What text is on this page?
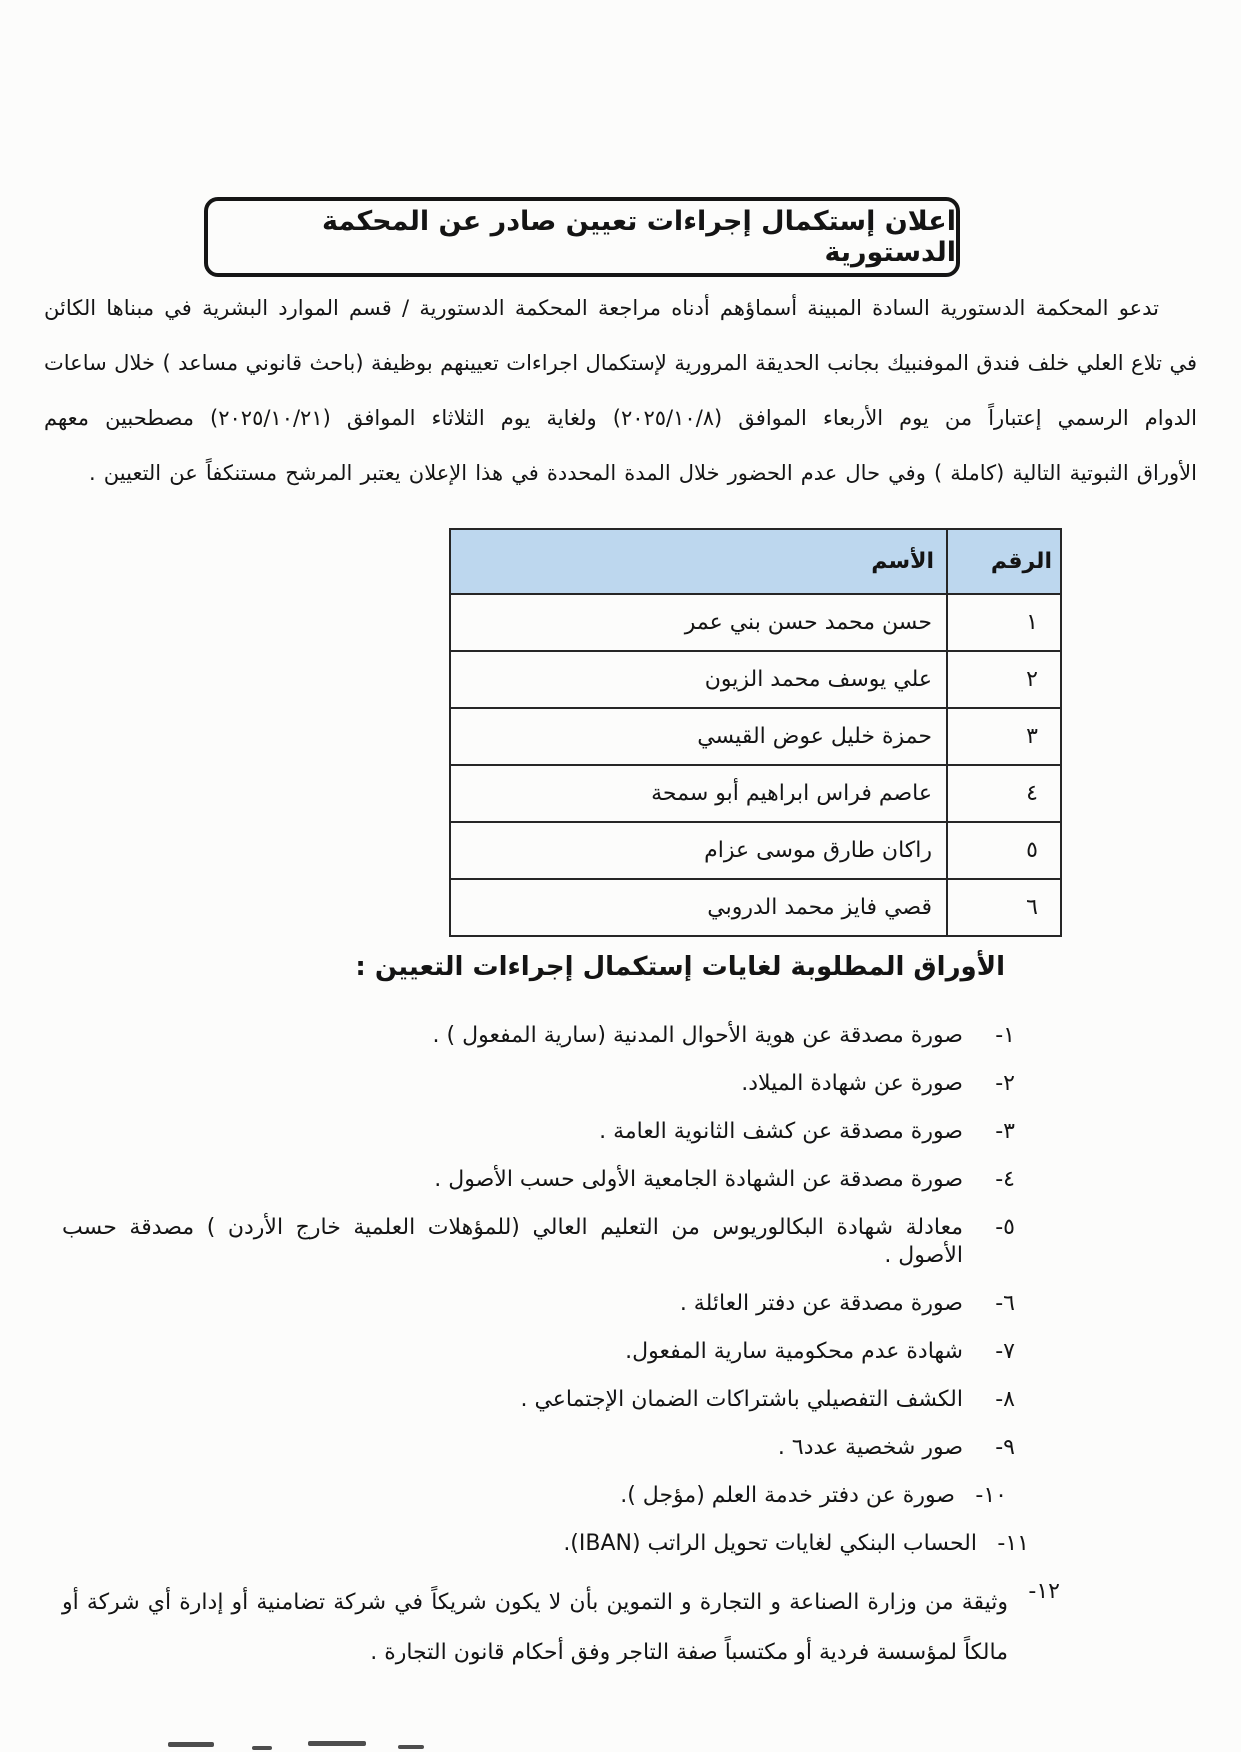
اعلان إستكمال إجراءات تعيين صادر عن المحكمة الدستورية
تدعو المحكمة الدستورية السادة المبينة أسماؤهم أدناه مراجعة المحكمة الدستورية / قسم الموارد البشرية في مبناها الكائن
في تلاع العلي خلف فندق الموفنبيك بجانب الحديقة المرورية لإستكمال اجراءات تعيينهم بوظيفة (باحث قانوني مساعد ) خلال ساعات
الدوام الرسمي إعتباراً من يوم الأربعاء الموافق (٢٠٢٥/١٠/٨) ولغاية يوم الثلاثاء الموافق (٢٠٢٥/١٠/٢١) مصطحبين معهم
الأوراق الثبوتية التالية (كاملة ) وفي حال عدم الحضور خلال المدة المحددة في هذا الإعلان يعتبر المرشح مستنكفاً عن التعيين .
الرقم	الأسم
١	حسن محمد حسن بني عمر
٢	علي يوسف محمد الزيون
٣	حمزة خليل عوض القيسي
٤	عاصم فراس ابراهيم أبو سمحة
٥	راكان طارق موسى عزام
٦	قصي فايز محمد الدروبي
الأوراق المطلوبة لغايات إستكمال إجراءات التعيين :
١-
صورة مصدقة عن هوية الأحوال المدنية (سارية المفعول ) .
٢-
صورة عن شهادة الميلاد.
٣-
صورة مصدقة عن كشف الثانوية العامة .
٤-
صورة مصدقة عن الشهادة الجامعية الأولى حسب الأصول .
٥-
معادلة شهادة البكالوريوس من التعليم العالي (للمؤهلات العلمية خارج الأردن ) مصدقة حسب الأصول .
٦-
صورة مصدقة عن دفتر العائلة .
٧-
شهادة عدم محكومية سارية المفعول.
٨-
الكشف التفصيلي باشتراكات الضمان الإجتماعي .
٩-
صور شخصية عدد٦ .
١٠-
صورة عن دفتر خدمة العلم (مؤجل ).
١١-
الحساب البنكي لغايات تحويل الراتب (IBAN).
١٢-
وثيقة من وزارة الصناعة و التجارة و التموين بأن لا يكون شريكاً في شركة تضامنية أو إدارة أي شركة أو مالكاً لمؤسسة فردية أو مكتسباً صفة التاجر وفق أحكام قانون التجارة .
